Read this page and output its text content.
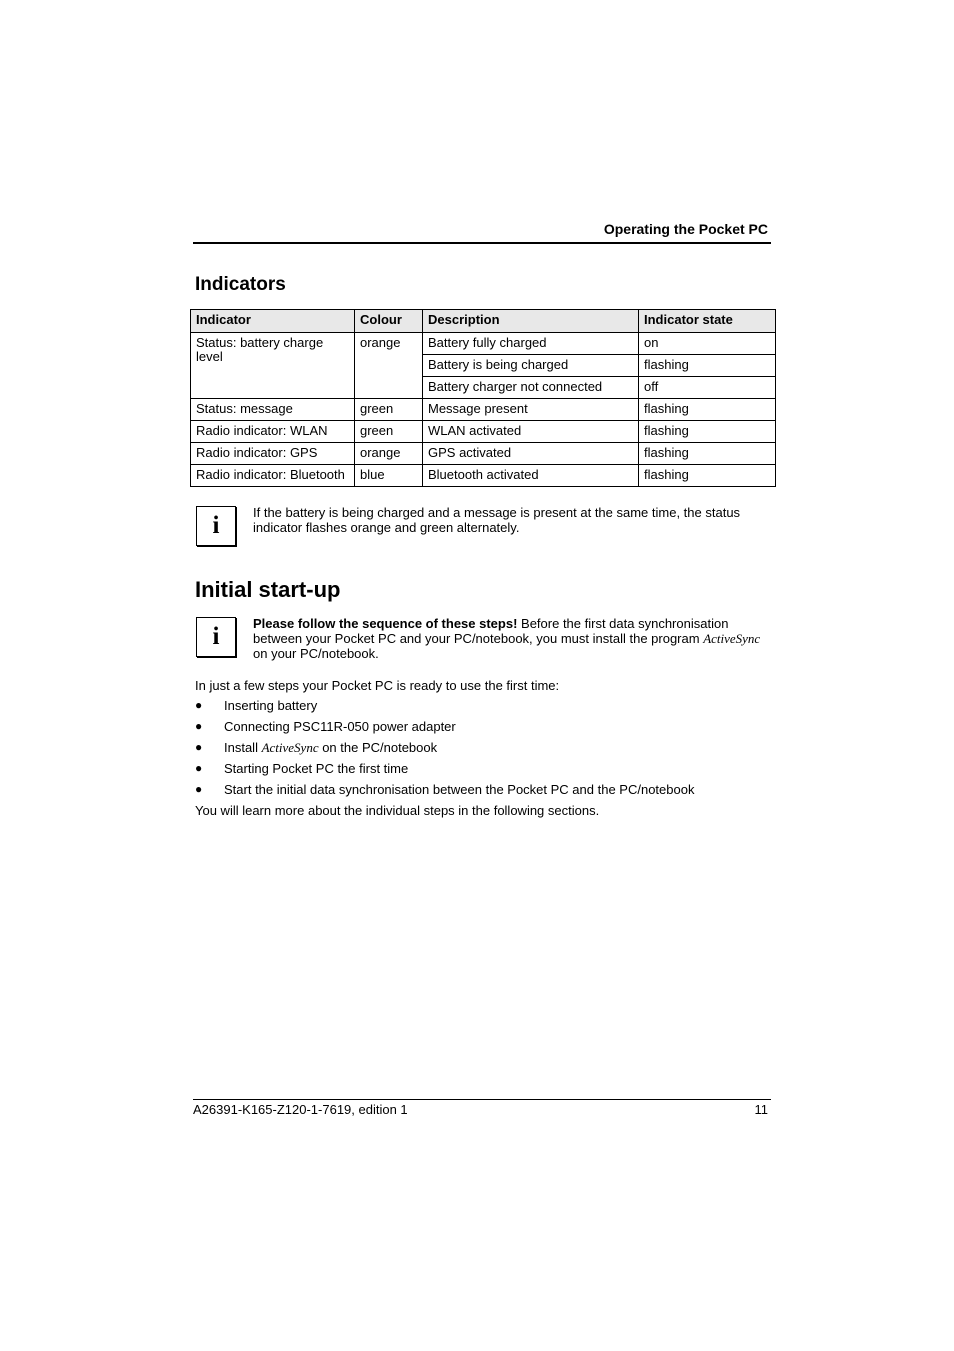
Operating the Pocket PC
Indicators
Indicator	Colour	Description	Indicator state
Status: battery charge level	orange	Battery fully charged	on
		Battery is being charged	flashing
		Battery charger not connected	off
Status: message	green	Message present	flashing
Radio indicator: WLAN	green	WLAN activated	flashing
Radio indicator: GPS	orange	GPS activated	flashing
Radio indicator: Bluetooth	blue	Bluetooth activated	flashing
i	If the battery is being charged and a message is present at the same time, the status indicator flashes orange and green alternately.
Initial start-up
i	Please follow the sequence of these steps! Before the first data synchronisation between your Pocket PC and your PC/notebook, you must install the program ActiveSync on your PC/notebook.
In just a few steps your Pocket PC is ready to use the first time:
● Inserting battery
● Connecting PSC11R-050 power adapter
● Install ActiveSync on the PC/notebook
● Starting Pocket PC the first time
● Start the initial data synchronisation between the Pocket PC and the PC/notebook
You will learn more about the individual steps in the following sections.
A26391-K165-Z120-1-7619, edition 1	11
